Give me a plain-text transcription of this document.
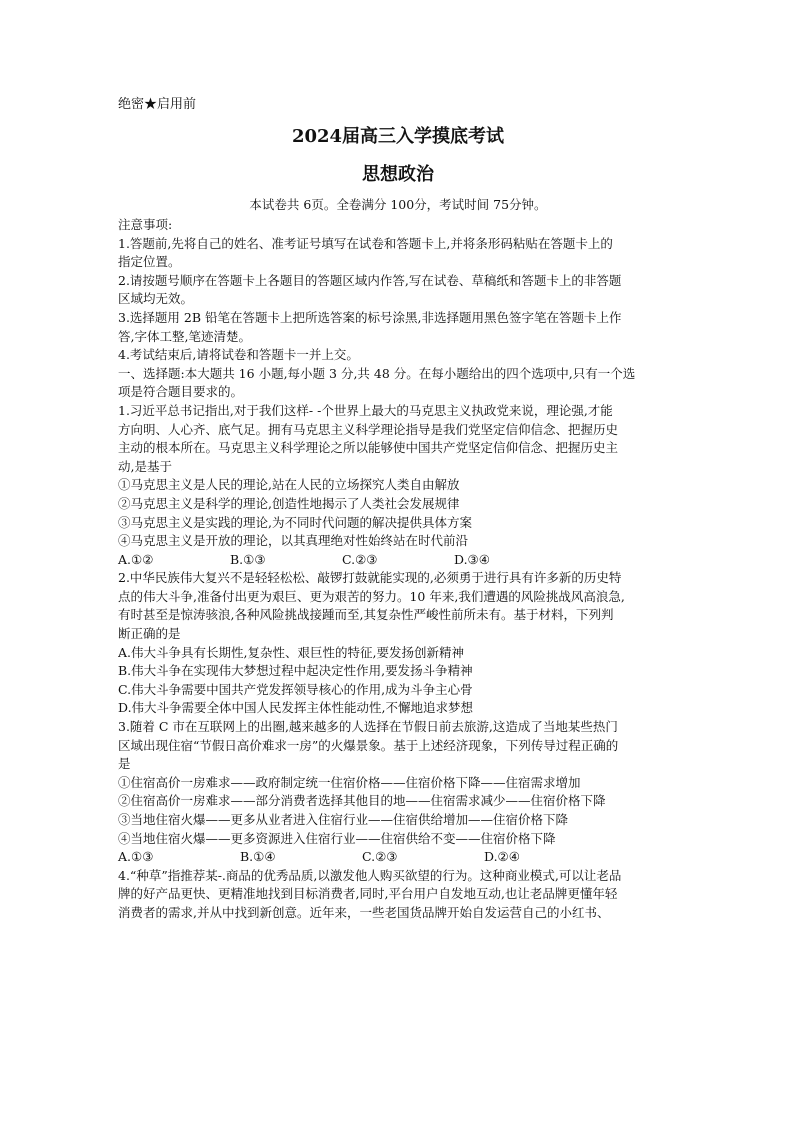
绝密★启用前
2024届高三入学摸底考试
思想政治
本试卷共 6页。全卷满分 100分，考试时间 75分钟。

注意事项:

1.答题前,先将自己的姓名、准考证号填写在试卷和答题卡上,并将条形码粘贴在答题卡上的

指定位置。

2.请按题号顺序在答题卡上各题目的答题区域内作答,写在试卷、草稿纸和答题卡上的非答题

区域均无效。

3.选择题用 2B 铅笔在答题卡上把所选答案的标号涂黑,非选择题用黑色签字笔在答题卡上作

答,字体工整,笔迹清楚。

4.考试结束后,请将试卷和答题卡一并上交。

一、选择题:本大题共 16 小题,每小题 3 分,共 48 分。在每小题给出的四个选项中,只有一个选

项是符合题目要求的。

1.习近平总书记指出,对于我们这样- -个世界上最大的马克思主义执政党来说，理论强,才能

方向明、人心齐、底气足。拥有马克思主义科学理论指导是我们党坚定信仰信念、把握历史

主动的根本所在。马克思主义科学理论之所以能够使中国共产党坚定信仰信念、把握历史主

动,是基于

①马克思主义是人民的理论,站在人民的立场探究人类自由解放

②马克思主义是科学的理论,创造性地揭示了人类社会发展规律

③马克思主义是实践的理论,为不同时代问题的解决提供具体方案

④马克思主义是开放的理论，以其真理绝对性始终站在时代前沿

A.①②	B.①③	C.②③	D.③④

2.中华民族伟大复兴不是轻轻松松、敲锣打鼓就能实现的,必须勇于进行具有许多新的历史特

点的伟大斗争,准备付出更为艰巨、更为艰苦的努力。10 年来,我们遭遇的风险挑战风高浪急,

有时甚至是惊涛骇浪,各种风险挑战接踵而至,其复杂性严峻性前所未有。基于材料，下列判

断正确的是

A.伟大斗争具有长期性,复杂性、艰巨性的特征,要发扬创新精神

B.伟大斗争在实现伟大梦想过程中起决定性作用,要发扬斗争精神

C.伟大斗争需要中国共产党发挥领导核心的作用,成为斗争主心骨

D.伟大斗争需要全体中国人民发挥主体性能动性,不懈地追求梦想

3.随着 C 市在互联网上的出圈,越来越多的人选择在节假日前去旅游,这造成了当地某些热门

区域出现住宿“节假日高价难求一房”的火爆景象。基于上述经济现象，下列传导过程正确的

是

①住宿高价一房难求——政府制定统一住宿价格——住宿价格下降——住宿需求增加

②住宿高价一房难求——部分消费者选择其他目的地——住宿需求减少——住宿价格下降

③当地住宿火爆——更多从业者进入住宿行业——住宿供给增加——住宿价格下降

④当地住宿火爆——更多资源进入住宿行业——住宿供给不变——住宿价格下降

A.①③	B.①④	C.②③	D.②④

4.“种草”指推荐某-.商品的优秀品质,以激发他人购买欲望的行为。这种商业模式,可以让老品

牌的好产品更快、更精准地找到目标消费者,同时,平台用户自发地互动,也让老品牌更懂年轻

消费者的需求,并从中找到新创意。近年来，一些老国货品牌开始自发运营自己的小红书、
